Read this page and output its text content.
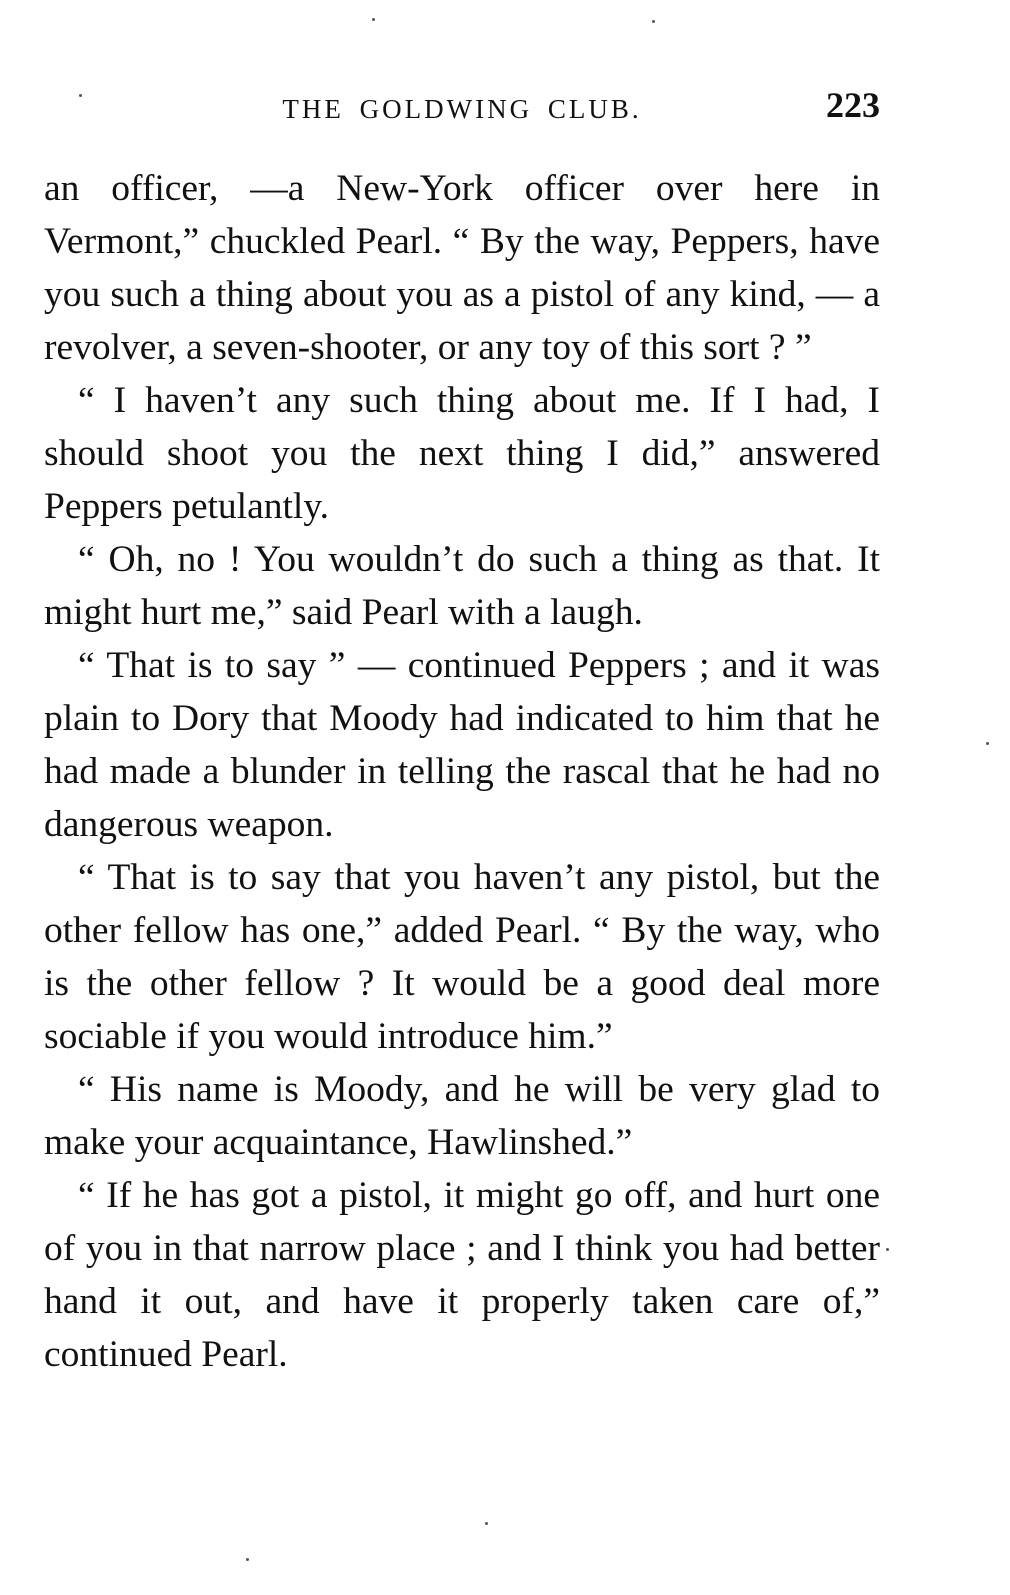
THE GOLDWING CLUB.	223

an officer, —a New-York officer over here in Vermont,” chuckled Pearl. “ By the way, Peppers, have you such a thing about you as a pistol of any kind, — a revolver, a seven-shooter, or any toy of this sort ? ”

“ I haven’t any such thing about me. If I had, I should shoot you the next thing I did,” answered Peppers petulantly.

“ Oh, no ! You wouldn’t do such a thing as that. It might hurt me,” said Pearl with a laugh.

“ That is to say ” — continued Peppers ; and it was plain to Dory that Moody had indicated to him that he had made a blunder in telling the rascal that he had no dangerous weapon.

“ That is to say that you haven’t any pistol, but the other fellow has one,” added Pearl. “ By the way, who is the other fellow ? It would be a good deal more sociable if you would introduce him.”

“ His name is Moody, and he will be very glad to make your acquaintance, Hawlinshed.”

“ If he has got a pistol, it might go off, and hurt one of you in that narrow place ; and I think you had better hand it out, and have it properly taken care of,” continued Pearl.
